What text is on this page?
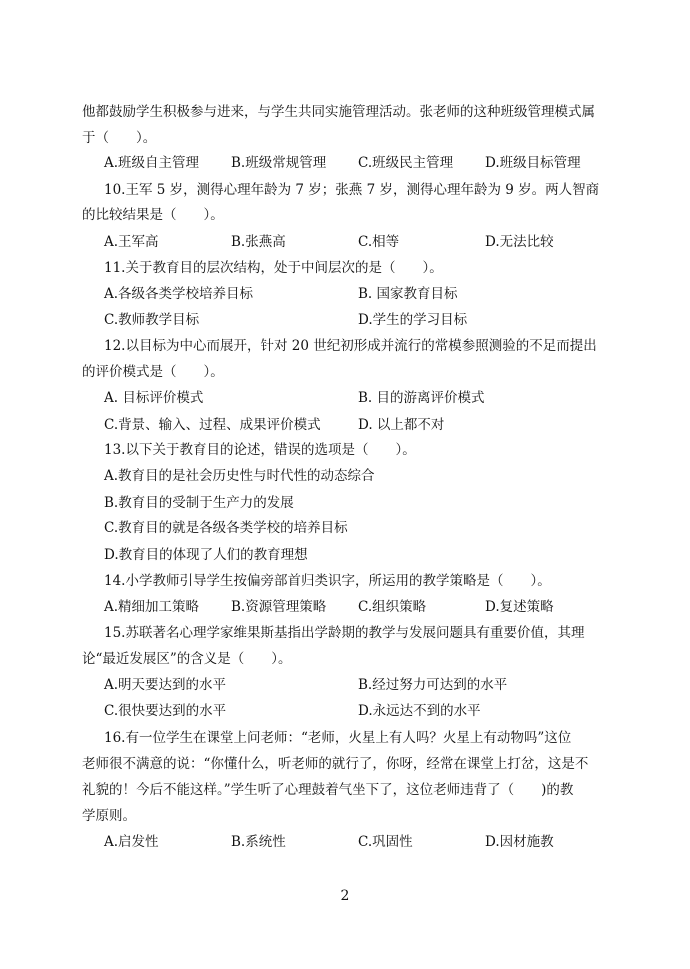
他都鼓励学生积极参与进来，与学生共同实施管理活动。张老师的这种班级管理模式属
于（　　）。
A.班级自主管理 B.班级常规管理 C.班级民主管理 D.班级目标管理
10.王军 5 岁，测得心理年龄为 7 岁；张燕 7 岁，测得心理年龄为 9 岁。两人智商
的比较结果是（　　）。
A.王军高	B.张燕高	C.相等	D.无法比较
11.关于教育目的层次结构，处于中间层次的是（　　）。
A.各级各类学校培养目标	B. 国家教育目标
C.教师教学目标	D.学生的学习目标
12.以目标为中心而展开，针对 20 世纪初形成并流行的常模参照测验的不足而提出
的评价模式是（　　）。
A. 目标评价模式	B. 目的游离评价模式
C.背景、输入、过程、成果评价模式	D. 以上都不对
13.以下关于教育目的论述，错误的选项是（　　）。
A.教育目的是社会历史性与时代性的动态综合
B.教育目的受制于生产力的发展
C.教育目的就是各级各类学校的培养目标
D.教育目的体现了人们的教育理想
14.小学教师引导学生按偏旁部首归类识字，所运用的教学策略是（　　）。
A.精细加工策略 B.资源管理策略 C.组织策略	D.复述策略
15.苏联著名心理学家维果斯基指出学龄期的教学与发展问题具有重要价值，其理
论“最近发展区”的含义是（　　）。
A.明天要达到的水平	B.经过努力可达到的水平
C.很快要达到的水平	D.永远达不到的水平
16.有一位学生在课堂上问老师：“老师，火星上有人吗？火星上有动物吗”这位
老师很不满意的说：“你懂什么，听老师的就行了，你呀，经常在课堂上打岔，这是不
礼貌的！今后不能这样。”学生听了心理鼓着气坐下了，这位老师违背了（　　)的教
学原则。
A.启发性	B.系统性	C.巩固性	D.因材施教
2
